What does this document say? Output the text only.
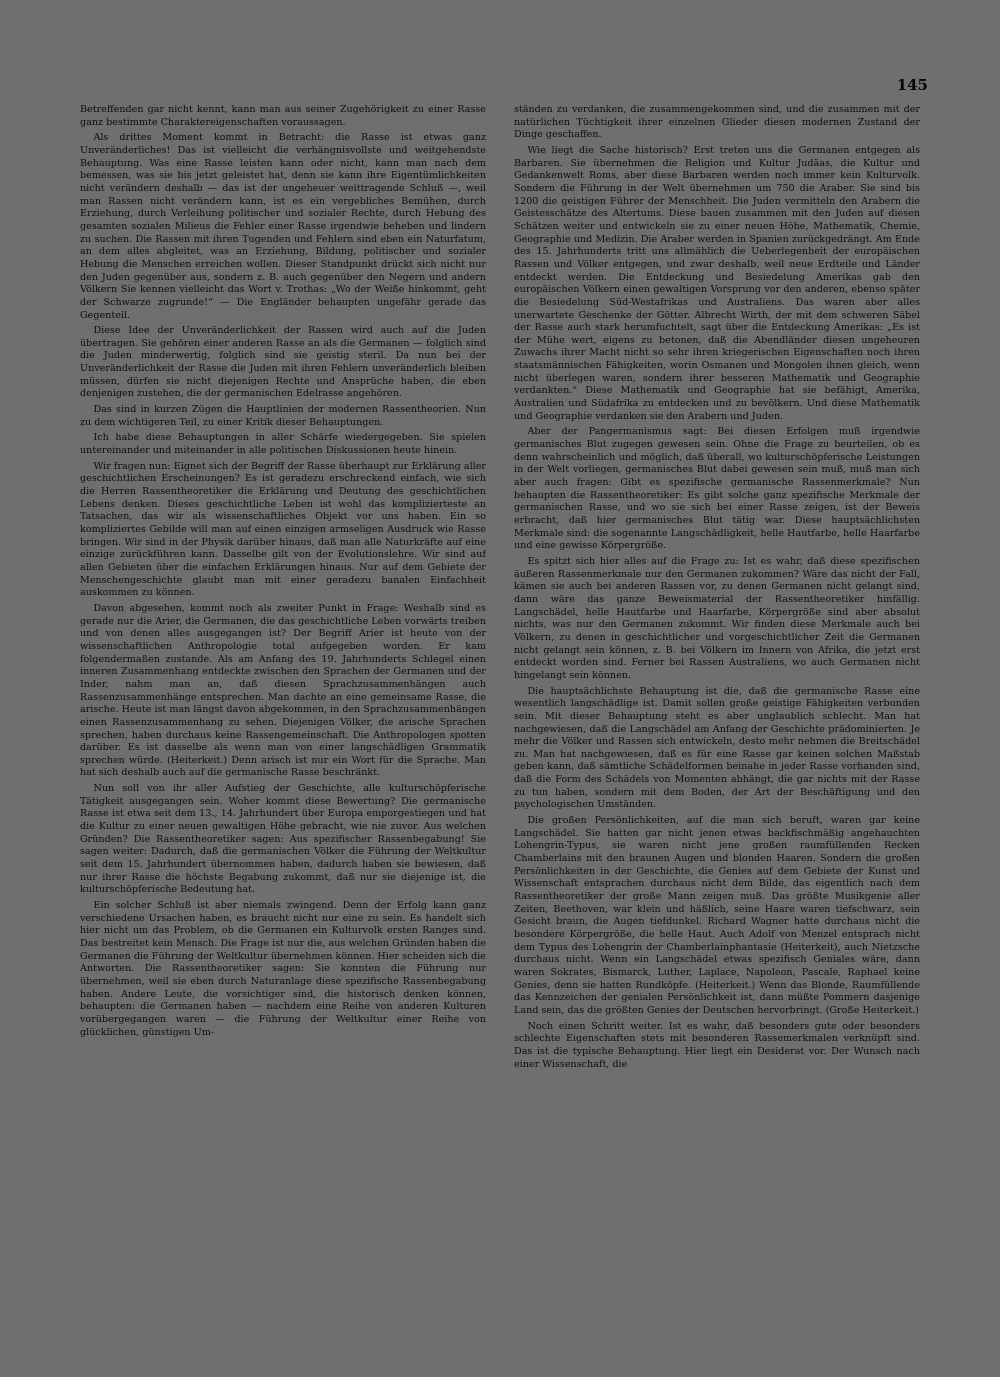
145

Betreffenden gar nicht kennt, kann man aus seiner Zugehörigkeit zu einer Rasse ganz bestimmte Charaktereigenschaften voraussagen.

Als drittes Moment kommt in Betracht: die Rasse ist etwas ganz Unveränderliches! Das ist vielleicht die verhängnisvollste und weitgehendste Behauptung. Was eine Rasse leisten kann oder nicht, kann man nach dem bemessen, was sie bis jetzt geleistet hat, denn sie kann ihre Eigentümlichkeiten nicht verändern deshalb — das ist der ungeheuer weittragende Schluß —, weil man Rassen nicht verändern kann, ist es ein vergebliches Bemühen, durch Erziehung, durch Verleihung politischer und sozialer Rechte, durch Hebung des gesamten sozialen Milieus die Fehler einer Rasse irgendwie beheben und lindern zu suchen. Die Rassen mit ihren Tugenden und Fehlern sind eben ein Naturfatum, an dem alles abgleitet, was an Erziehung, Bildung, politischer und sozialer Hebung die Menschen erreichen wollen. Dieser Standpunkt drückt sich nicht nur den Juden gegenüber aus, sondern z. B. auch gegenüber den Negern und andern Völkern Sie kennen vielleicht das Wort v. Trothas: „Wo der Weiße hinkommt, geht der Schwarze zugrunde!“ — Die Engländer behaupten ungefähr gerade das Gegenteil.

Diese Idee der Unveränderlichkeit der Rassen wird auch auf die Juden übertragen. Sie gehören einer anderen Rasse an als die Germanen — folglich sind die Juden minderwertig, folglich sind sie geistig steril. Da nun bei der Unveränderlichkeit der Rasse die Juden mit ihren Fehlern unveränderlich bleiben müssen, dürfen sie nicht diejenigen Rechte und Ansprüche haben, die eben denjenigen zustehen, die der germanischen Edelrasse angehören.

Das sind in kurzen Zügen die Hauptlinien der modernen Rassentheorien. Nun zu dem wichtigeren Teil, zu einer Kritik dieser Behauptungen.

Ich habe diese Behauptungen in aller Schärfe wiedergegeben. Sie spielen untereinander und miteinander in alle politischen Diskussionen heute hinein.

Wir fragen nun: Eignet sich der Begriff der Rasse überhaupt zur Erklärung aller geschichtlichen Erscheinungen? Es ist geradezu erschreckend einfach, wie sich die Herren Rassentheoretiker die Erklärung und Deutung des geschichtlichen Lebens denken. Dieses geschichtliche Leben ist wohl das komplizierteste an Tatsachen, das wir als wissenschaftliches Objekt vor uns haben. Ein so kompliziertes Gebilde will man auf einen einzigen armseligen Ausdruck wie Rasse bringen. Wir sind in der Physik darüber hinaus, daß man alle Naturkräfte auf eine einzige zurückführen kann. Dasselbe gilt von der Evolutionslehre. Wir sind auf allen Gebieten über die einfachen Erklärungen hinaus. Nur auf dem Gebiete der Menschengeschichte glaubt man mit einer geradezu banalen Einfachheit auskommen zu können.

Davon abgesehen, kommt noch als zweiter Punkt in Frage: Weshalb sind es gerade nur die Arier, die Germanen, die das geschichtliche Leben vorwärts treiben und von denen alles ausgegangen ist? Der Begriff Arier ist heute von der wissenschaftlichen Anthropologie total aufgegeben worden. Er kam folgendermaßen zustande. Als am Anfang des 19. Jahrhunderts Schlegel einen inneren Zusammenhang entdeckte zwischen den Sprachen der Germanen und der Inder, nahm man an, daß diesen Sprachzusammenhängen auch Rassenzusammenhänge entsprechen. Man dachte an eine gemeinsame Rasse, die arische. Heute ist man längst davon abgekommen, in den Sprachzusammenhängen einen Rassenzusammenhang zu sehen. Diejenigen Völker, die arische Sprachen sprechen, haben durchaus keine Rassengemeinschaft. Die Anthropologen spotten darüber. Es ist dasselbe als wenn man von einer langschädligen Grammatik sprechen würde. (Heiterkeit.) Denn arisch ist nur ein Wort für die Sprache. Man hat sich deshalb auch auf die germanische Rasse beschränkt.

Nun soll von ihr aller Aufstieg der Geschichte, alle kulturschöpferische Tätigkeit ausgegangen sein. Woher kommt diese Bewertung? Die germanische Rasse ist etwa seit dem 13., 14. Jahrhundert über Europa emporgestiegen und hat die Kultur zu einer neuen gewaltigen Höhe gebracht, wie nie zuvor. Aus welchen Gründen? Die Rassentheoretiker sagen: Aus spezifischer Rassenbegabung! Sie sagen weiter: Dadurch, daß die germanischen Völker die Führung der Weltkultur seit dem 15. Jahrhundert übernommen haben, dadurch haben sie bewiesen, daß nur ihrer Rasse die höchste Begabung zukommt, daß nur sie diejenige ist, die kulturschöpferische Bedeutung hat.

Ein solcher Schluß ist aber niemals zwingend. Denn der Erfolg kann ganz verschiedene Ursachen haben, es braucht nicht nur eine zu sein. Es handelt sich hier nicht um das Problem, ob die Germanen ein Kulturvolk ersten Ranges sind. Das bestreitet kein Mensch. Die Frage ist nur die, aus welchen Gründen haben die Germanen die Führung der Weltkultur übernehmen können. Hier scheiden sich die Antworten. Die Rassentheoretiker sagen: Sie konnten die Führung nur übernehmen, weil sie eben durch Naturanlage diese spezifische Rassenbegabung haben. Andere Leute, die vorsichtiger sind, die historisch denken können, behaupten: die Germanen haben — nachdem eine Reihe von anderen Kulturen vorübergegangen waren — die Führung der Weltkultur einer Reihe von glücklichen, günstigen Um-

ständen zu verdanken, die zusammengekommen sind, und die zusammen mit der natürlichen Tüchtigkeit ihrer einzelnen Glieder diesen modernen Zustand der Dinge geschaffen.

Wie liegt die Sache historisch? Erst treten uns die Germanen entgegen als Barbaren. Sie übernehmen die Religion und Kultur Judäas, die Kultur und Gedankenwelt Roms, aber diese Barbaren werden noch immer kein Kulturvolk. Sondern die Führung in der Welt übernehmen um 750 die Araber. Sie sind bis 1200 die geistigen Führer der Menschheit. Die Juden vermitteln den Arabern die Geistesschätze des Altertums. Diese bauen zusammen mit den Juden auf diesen Schätzen weiter und entwickeln sie zu einer neuen Höhe, Mathematik, Chemie, Geographie und Medizin. Die Araber werden in Spanien zurückgedrängt. Am Ende des 15. Jahrhunderts tritt uns allmählich die Ueberlegenheit der europäischen Rassen und Völker entgegen, und zwar deshalb, weil neue Erdteile und Länder entdeckt werden. Die Entdeckung und Besiedelung Amerikas gab den europäischen Völkern einen gewaltigen Vorsprung vor den anderen, ebenso später die Besiedelung Süd-Westafrikas und Australiens. Das waren aber alles unerwartete Geschenke der Götter. Albrecht Wirth, der mit dem schweren Säbel der Rasse auch stark herumfuchtelt, sagt über die Entdeckung Amerikas: „Es ist der Mühe wert, eigens zu betonen, daß die Abendländer diesen ungeheuren Zuwachs ihrer Macht nicht so sehr ihren kriegerischen Eigenschaften noch ihren staatsmännischen Fähigkeiten, worin Osmanen und Mongolen ihnen gleich, wenn nicht überlegen waren, sondern ihrer besseren Mathematik und Geographie verdankten.“ Diese Mathematik und Geographie hat sie befähigt, Amerika, Australien und Südafrika zu entdecken und zu bevölkern. Und diese Mathematik und Geographie verdanken sie den Arabern und Juden.

Aber der Pangermanismus sagt: Bei diesen Erfolgen muß irgendwie germanisches Blut zugegen gewesen sein. Ohne die Frage zu beurteilen, ob es denn wahrscheinlich und möglich, daß überall, wo kulturschöpferische Leistungen in der Welt vorliegen, germanisches Blut dabei gewesen sein muß, muß man sich aber auch fragen: Gibt es spezifische germanische Rassenmerkmale? Nun behaupten die Rassentheoretiker: Es gibt solche ganz spezifische Merkmale der germanischen Rasse, und wo sie sich bei einer Rasse zeigen, ist der Beweis erbracht, daß hier germanisches Blut tätig war. Diese hauptsächlichsten Merkmale sind: die sogenannte Langschädligkeit, helle Hautfarbe, helle Haarfarbe und eine gewisse Körpergröße.

Es spitzt sich hier alles auf die Frage zu: Ist es wahr, daß diese spezifischen äußeren Rassenmerkmale nur den Germanen zukommen? Wäre das nicht der Fall, kämen sie auch bei anderen Rassen vor, zu denen Germanen nicht gelangt sind, dann wäre das ganze Beweismaterial der Rassentheoretiker hinfällig. Langschädel, helle Hautfarbe und Haarfarbe, Körpergröße sind aber absolut nichts, was nur den Germanen zukommt. Wir finden diese Merkmale auch bei Völkern, zu denen in geschichtlicher und vorgeschichtlicher Zeit die Germanen nicht gelangt sein können, z. B. bei Völkern im Innern von Afrika, die jetzt erst entdeckt worden sind. Ferner bei Rassen Australiens, wo auch Germanen nicht hingelangt sein können.

Die hauptsächlichste Behauptung ist die, daß die germanische Rasse eine wesentlich langschädlige ist. Damit sollen große geistige Fähigkeiten verbunden sein. Mit dieser Behauptung steht es aber unglaublich schlecht. Man hat nachgewiesen, daß die Langschädel am Anfang der Geschichte prädominierten. Je mehr die Völker und Rassen sich entwickeln, desto mehr nehmen die Breitschädel zu. Man hat nachgewiesen, daß es für eine Rasse gar keinen solchen Maßstab geben kann, daß sämtliche Schädelformen beinahe in jeder Rasse vorhanden sind, daß die Form des Schädels von Momenten abhängt, die gar nichts mit der Rasse zu tun haben, sondern mit dem Boden, der Art der Beschäftigung und den psychologischen Umständen.

Die großen Persönlichkeiten, auf die man sich beruft, waren gar keine Langschädel. Sie hatten gar nicht jenen etwas backfischmäßig angehauchten Lohengrin-Typus, sie waren nicht jene großen raumfüllenden Recken Chamberlains mit den braunen Augen und blonden Haaren. Sondern die großen Persönlichkeiten in der Geschichte, die Genies auf dem Gebiete der Kunst und Wissenschaft entsprachen durchaus nicht dem Bilde, das eigentlich nach dem Rassentheoretiker der große Mann zeigen muß. Das größte Musikgenie aller Zeiten, Beethoven, war klein und häßlich, seine Haare waren tiefschwarz, sein Gesicht braun, die Augen tiefdunkel. Richard Wagner hatte durchaus nicht die besondere Körpergröße, die helle Haut. Auch Adolf von Menzel entsprach nicht dem Typus des Lohengrin der Chamberlainphantasie (Heiterkeit), auch Nietzsche durchaus nicht. Wenn ein Langschädel etwas spezifisch Geniales wäre, dann waren Sokrates, Bismarck, Luther, Laplace, Napoleon, Pascale, Raphael keine Genies, denn sie hatten Rundköpfe. (Heiterkeit.) Wenn das Blonde, Raumfüllende das Kennzeichen der genialen Persönlichkeit ist, dann müßte Pommern dasjenige Land sein, das die größten Genies der Deutschen hervorbringt. (Große Heiterkeit.)

Noch einen Schritt weiter. Ist es wahr, daß besonders gute oder besonders schlechte Eigenschaften stets mit besonderen Rassemerkmalen verknüpft sind. Das ist die typische Behauptung. Hier liegt ein Desiderat vor. Der Wunsch nach einer Wissenschaft, die
